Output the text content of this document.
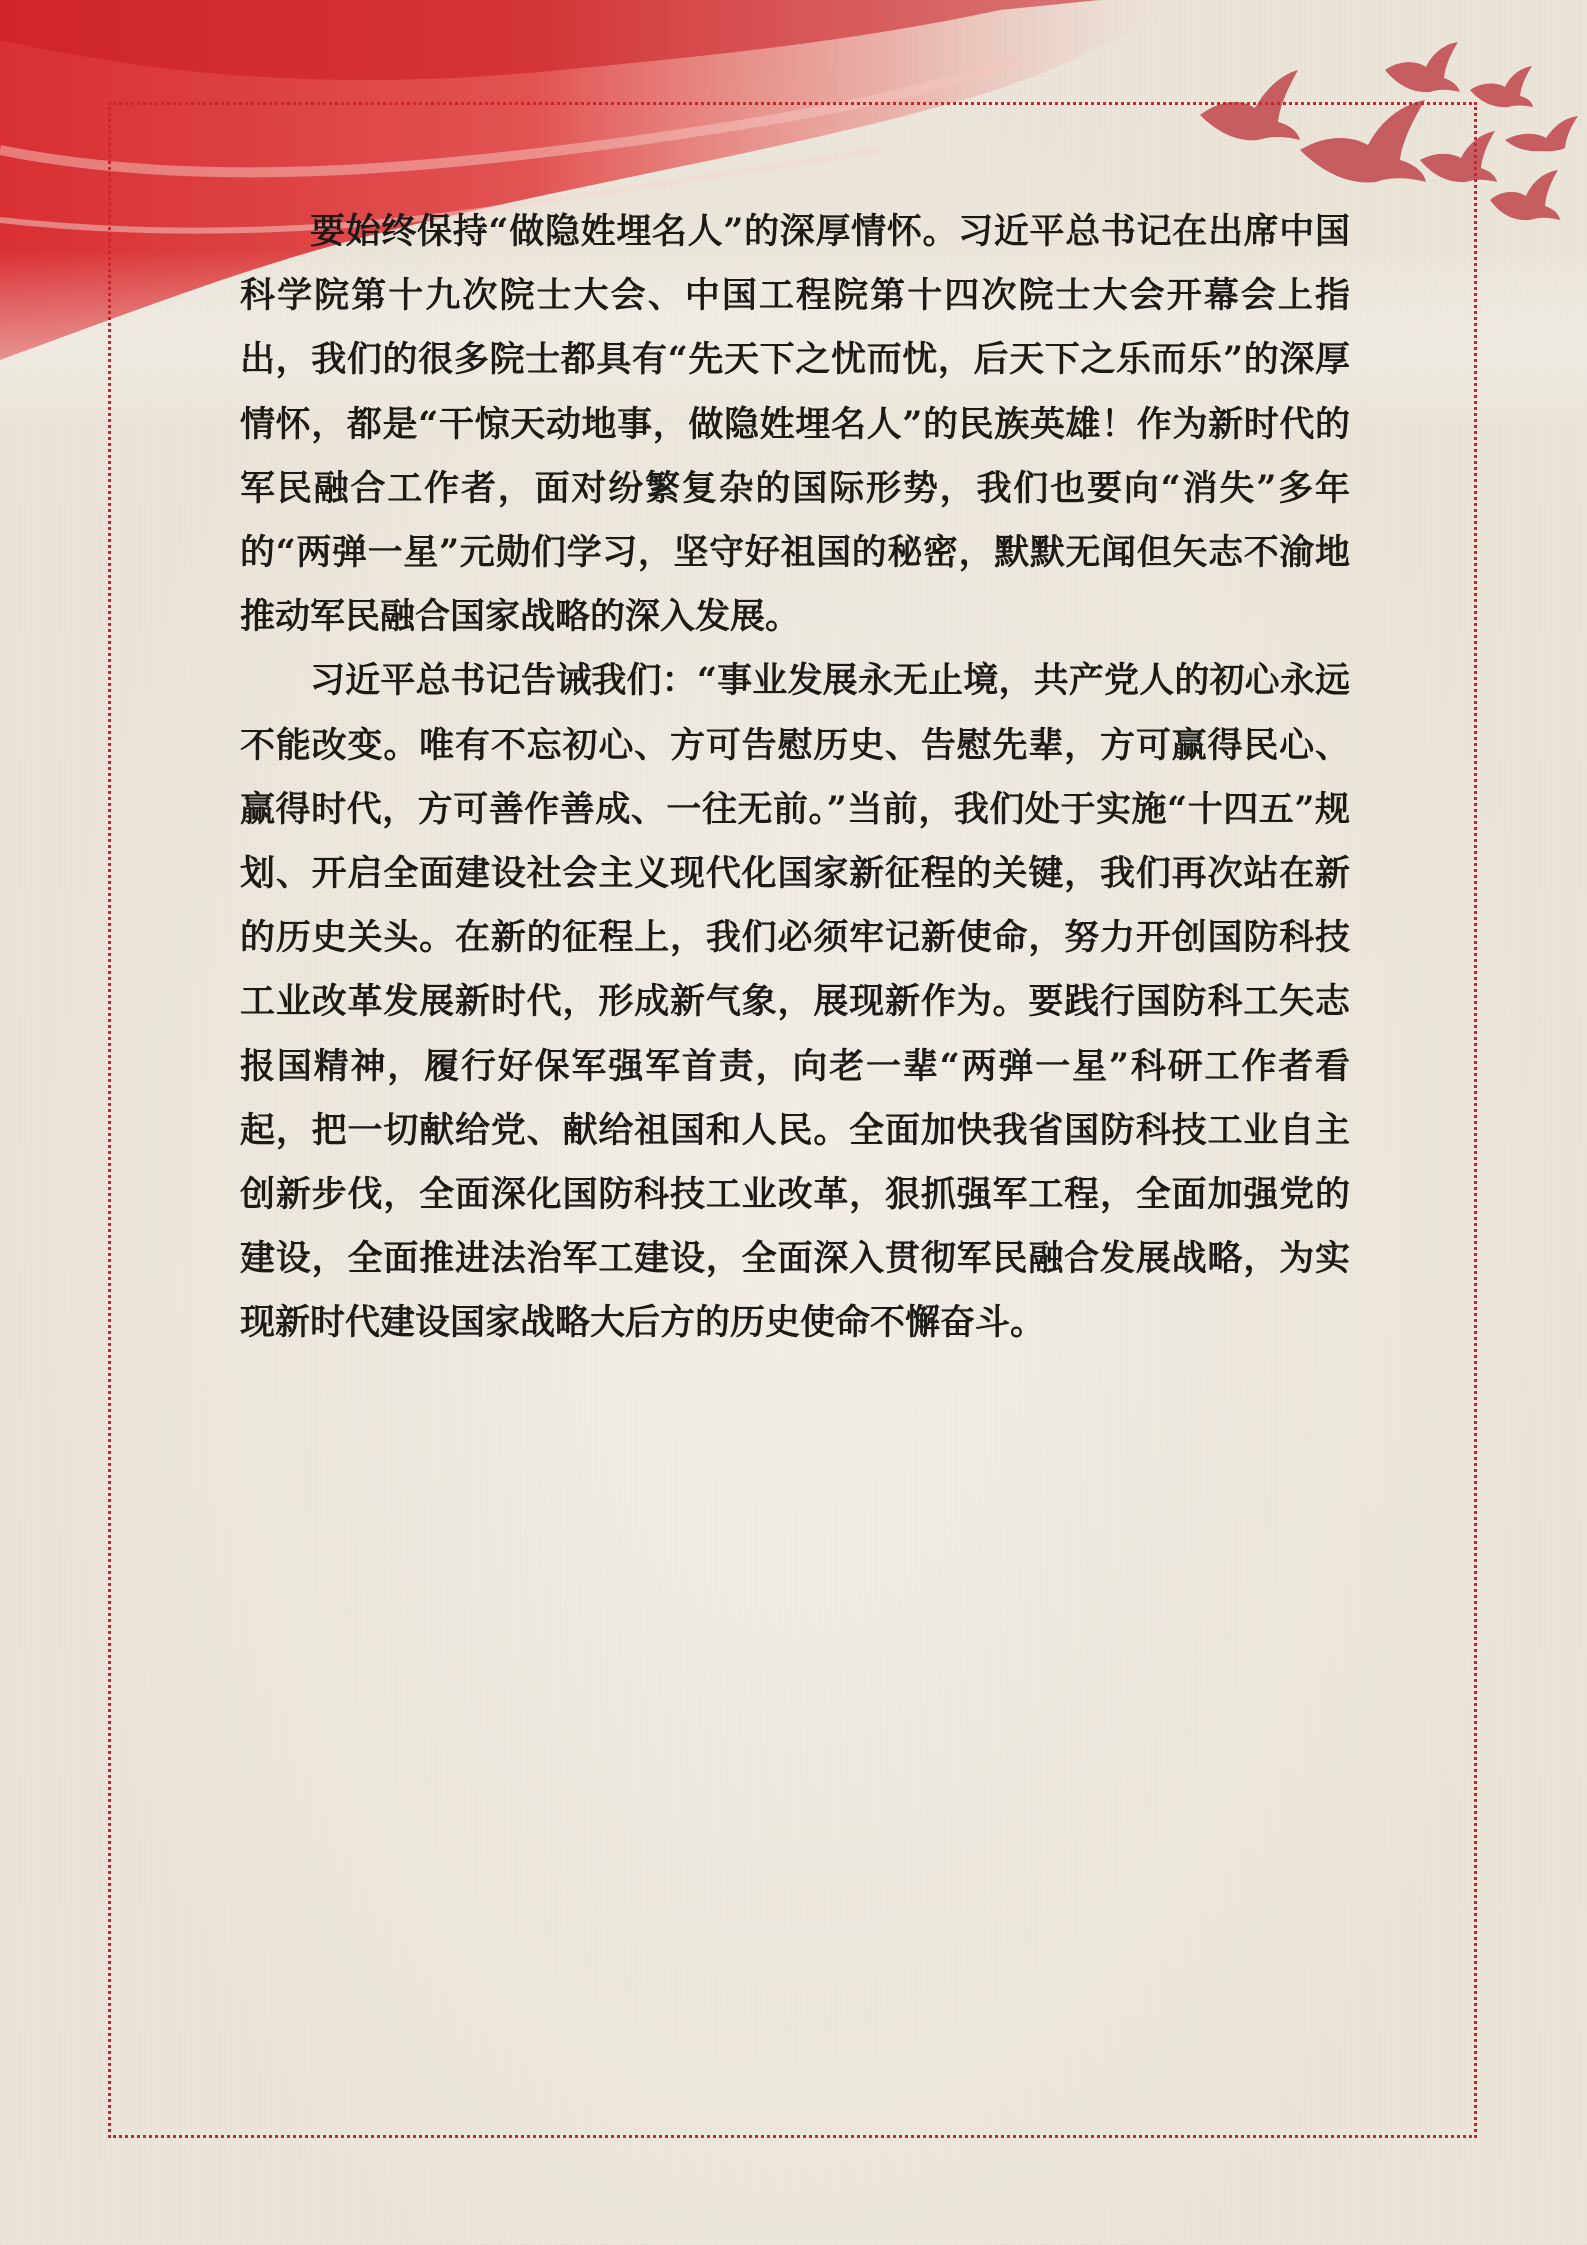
要始终保持“做隐姓埋名人”的深厚情怀。习近平总书记在出席中国科学院第十九次院士大会、中国工程院第十四次院士大会开幕会上指出，我们的很多院士都具有“先天下之忧而忧，后天下之乐而乐”的深厚情怀，都是“干惊天动地事，做隐姓埋名人”的民族英雄！作为新时代的军民融合工作者，面对纷繁复杂的国际形势，我们也要向“消失”多年的“两弹一星”元勋们学习，坚守好祖国的秘密，默默无闻但矢志不渝地推动军民融合国家战略的深入发展。

习近平总书记告诫我们：“事业发展永无止境，共产党人的初心永远不能改变。唯有不忘初心、方可告慰历史、告慰先辈，方可赢得民心、赢得时代，方可善作善成、一往无前。”当前，我们处于实施“十四五”规划、开启全面建设社会主义现代化国家新征程的关键，我们再次站在新的历史关头。在新的征程上，我们必须牢记新使命，努力开创国防科技工业改革发展新时代，形成新气象，展现新作为。要践行国防科工矢志报国精神，履行好保军强军首责，向老一辈“两弹一星”科研工作者看起，把一切献给党、献给祖国和人民。全面加快我省国防科技工业自主创新步伐，全面深化国防科技工业改革，狠抓强军工程，全面加强党的建设，全面推进法治军工建设，全面深入贯彻军民融合发展战略，为实现新时代建设国家战略大后方的历史使命不懈奋斗。
